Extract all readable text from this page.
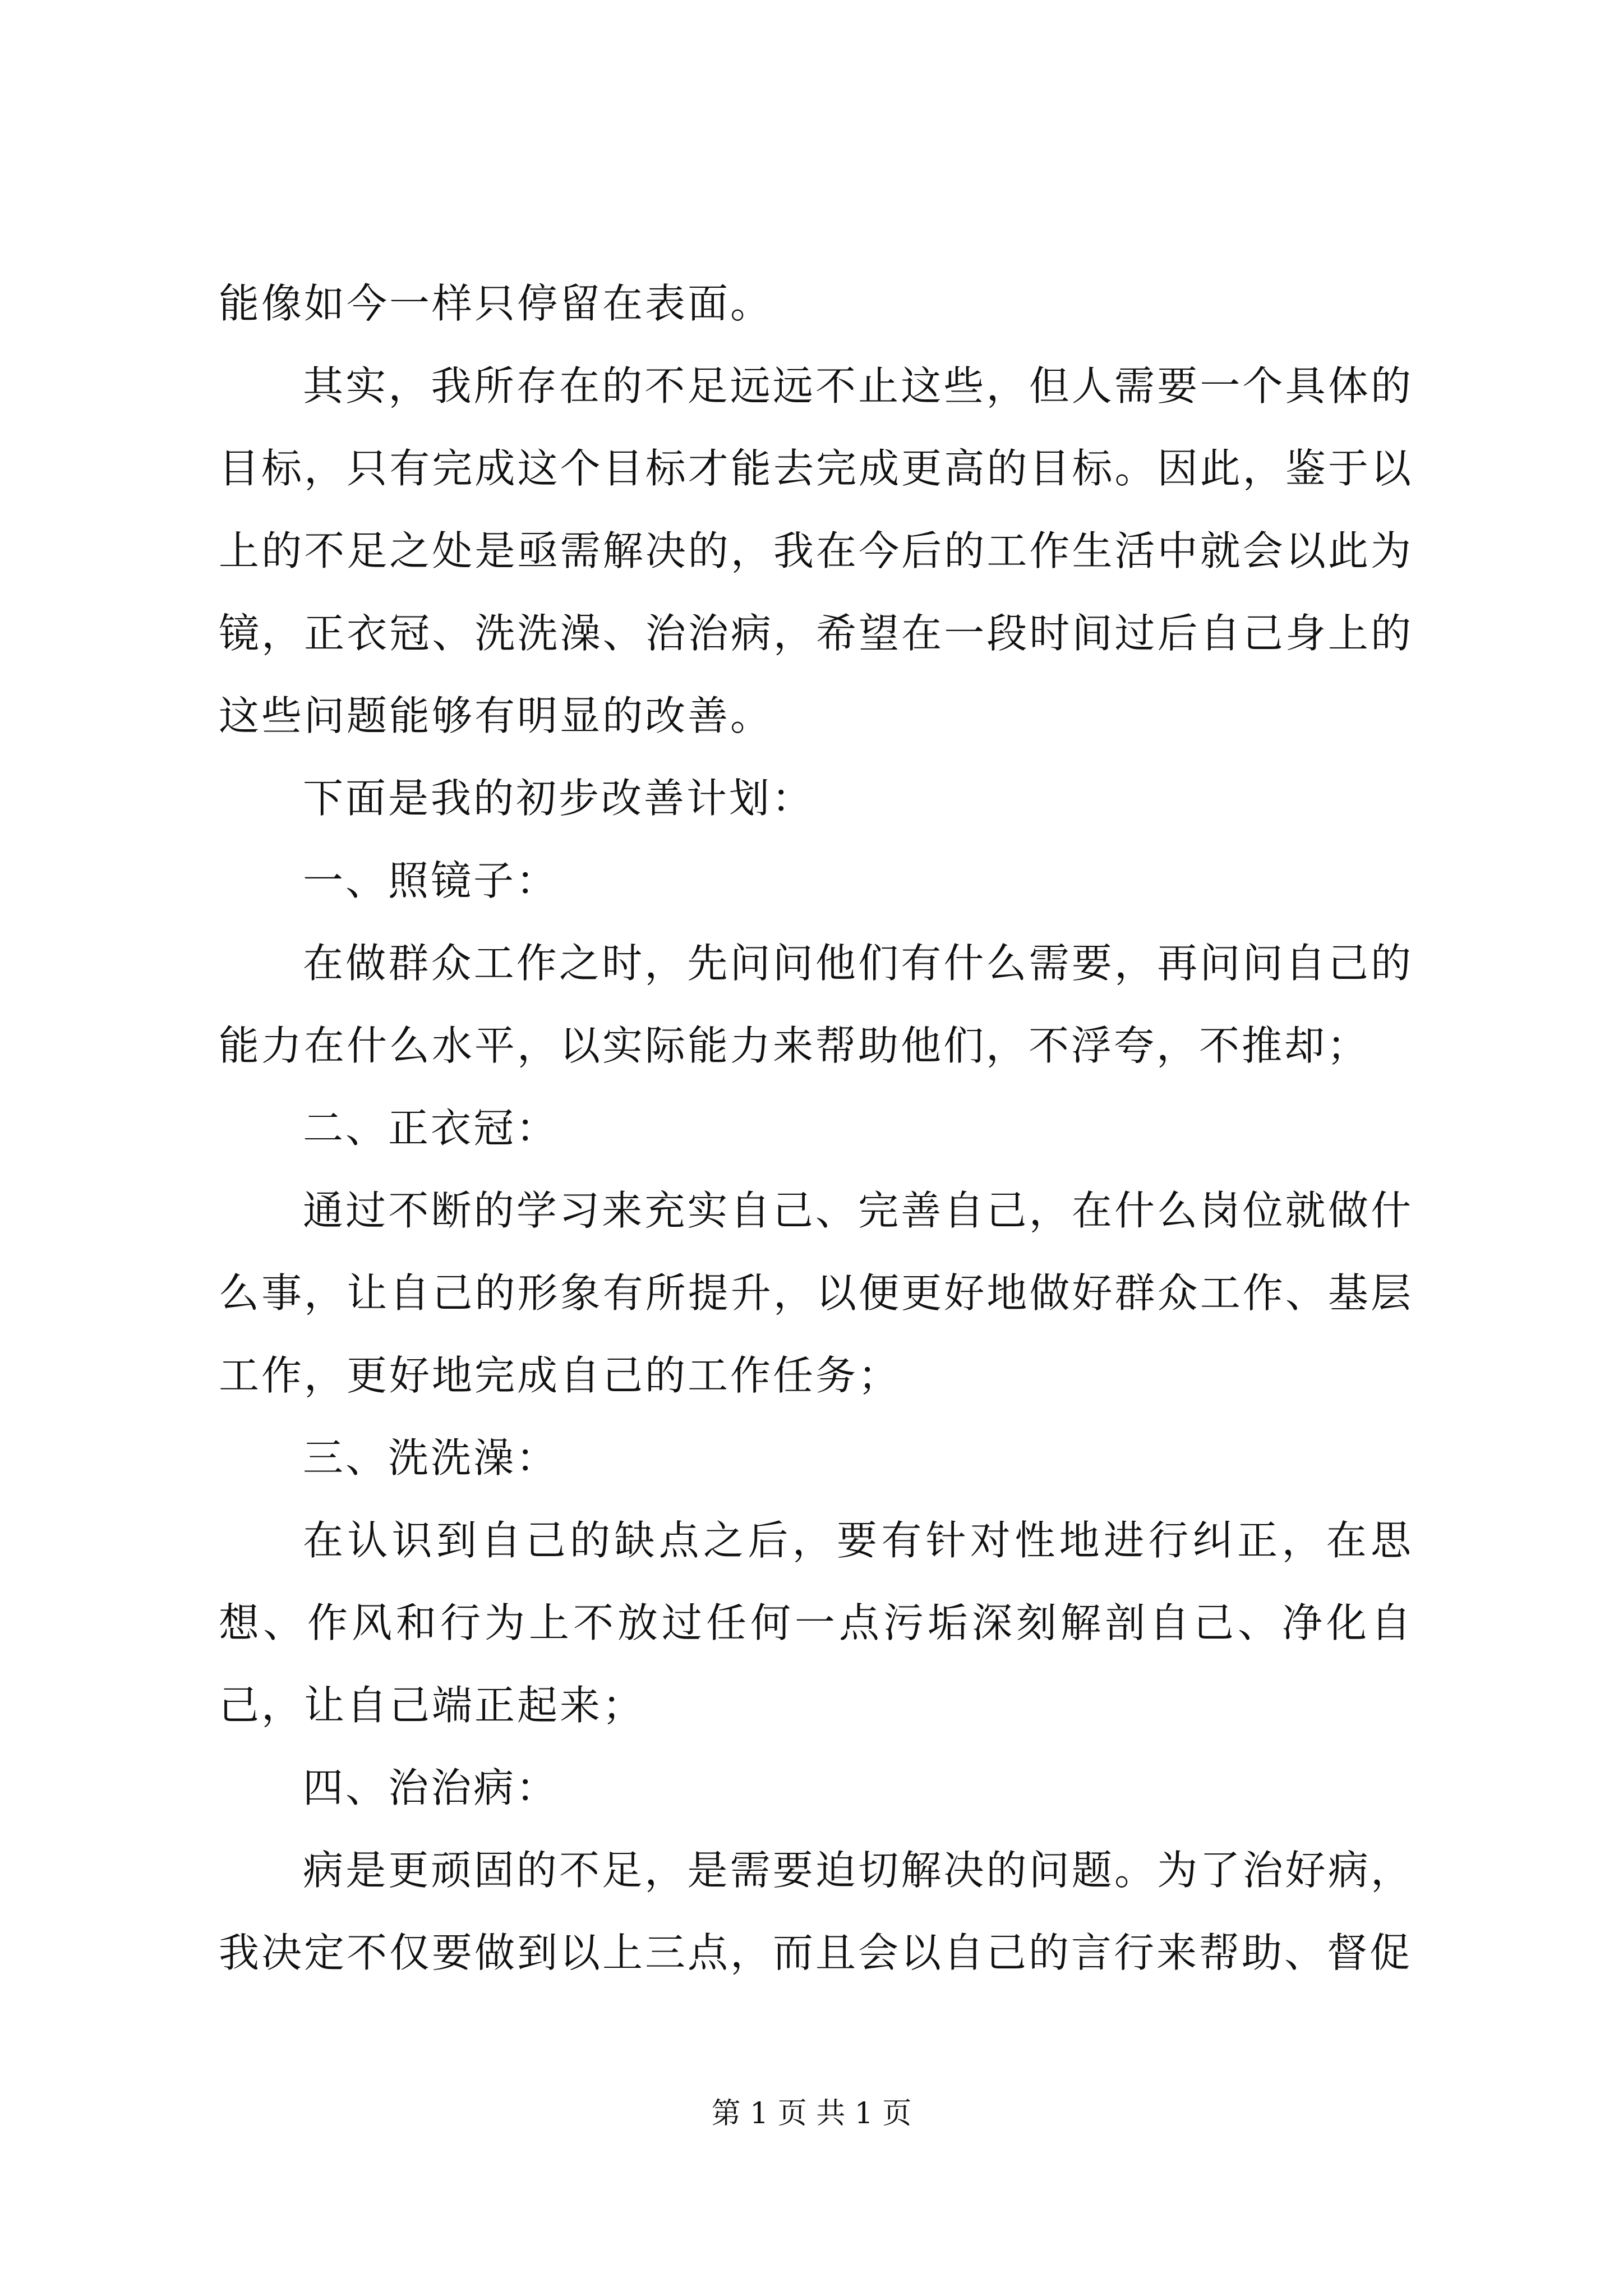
能像如今一样只停留在表面。

其实，我所存在的不足远远不止这些，但人需要一个具体的目标，只有完成这个目标才能去完成更高的目标。因此，鉴于以上的不足之处是亟需解决的，我在今后的工作生活中就会以此为镜，正衣冠、洗洗澡、治治病，希望在一段时间过后自己身上的这些问题能够有明显的改善。

下面是我的初步改善计划：

一、照镜子：

在做群众工作之时，先问问他们有什么需要，再问问自己的能力在什么水平，以实际能力来帮助他们，不浮夸，不推却；

二、正衣冠：

通过不断的学习来充实自己、完善自己，在什么岗位就做什么事，让自己的形象有所提升，以便更好地做好群众工作、基层工作，更好地完成自己的工作任务；

三、洗洗澡：

在认识到自己的缺点之后，要有针对性地进行纠正，在思想、作风和行为上不放过任何一点污垢深刻解剖自己、净化自己，让自己端正起来；

四、治治病：

病是更顽固的不足，是需要迫切解决的问题。为了治好病，我决定不仅要做到以上三点，而且会以自己的言行来帮助、督促

第 1 页 共 1 页
